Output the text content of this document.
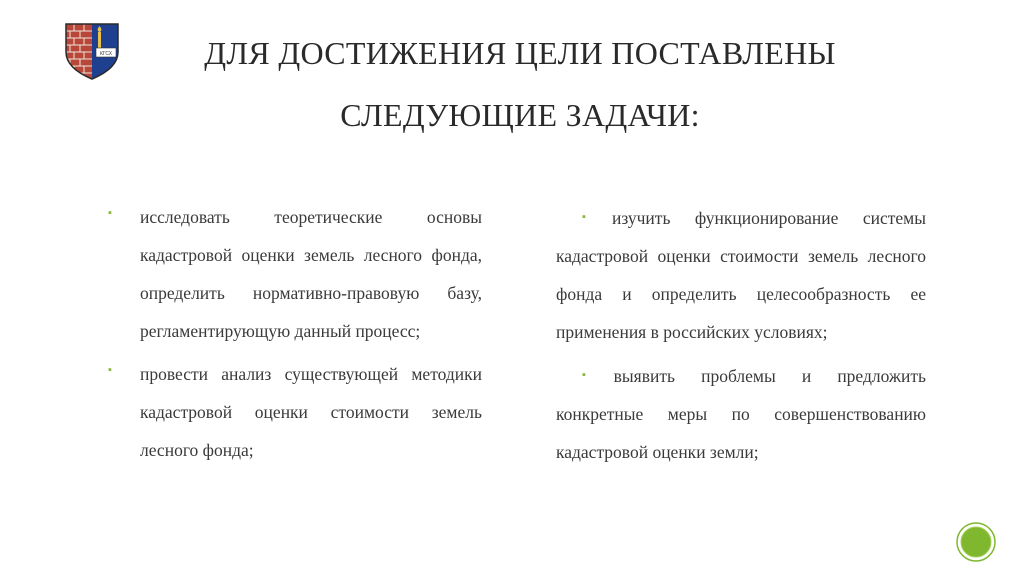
КГСХ	ДЛЯ ДОСТИЖЕНИЯ ЦЕЛИ ПОСТАВЛЕНЫ
СЛЕДУЮЩИЕ ЗАДАЧИ:
▪ исследовать теоретические основы кадастровой оценки земель лесного фонда, определить нормативно-правовую базу, регламентирующую данный процесс;
▪ провести анализ существующей методики кадастровой оценки стоимости земель лесного фонда;
▪ изучить функционирование системы кадастровой оценки стоимости земель лесного фонда и определить целесообразность ее применения в российских условиях;
▪ выявить проблемы и предложить конкретные меры по совершенствованию кадастровой оценки земли;
